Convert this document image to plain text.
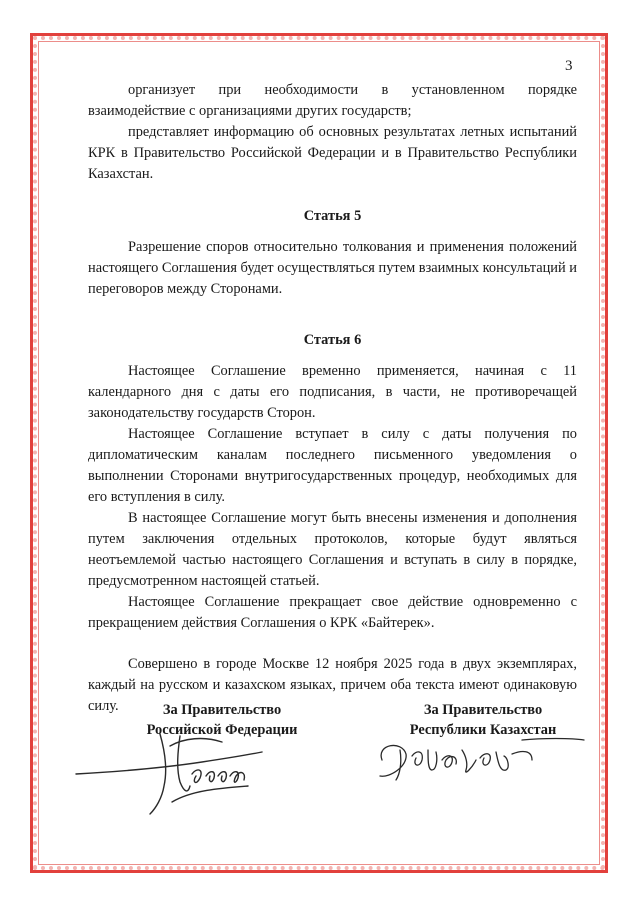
3

организует при необходимости в установленном порядке взаимодействие с организациями других государств;

представляет информацию об основных результатах летных испытаний КРК в Правительство Российской Федерации и в Правительство Республики Казахстан.

Статья 5

Разрешение споров относительно толкования и применения положений настоящего Соглашения будет осуществляться путем взаимных консультаций и переговоров между Сторонами.

Статья 6

Настоящее Соглашение временно применяется, начиная с 11 календарного дня с даты его подписания, в части, не противоречащей законодательству государств Сторон.

Настоящее Соглашение вступает в силу с даты получения по дипломатическим каналам последнего письменного уведомления о выполнении Сторонами внутригосударственных процедур, необходимых для его вступления в силу.

В настоящее Соглашение могут быть внесены изменения и дополнения путем заключения отдельных протоколов, которые будут являться неотъемлемой частью настоящего Соглашения и вступать в силу в порядке, предусмотренном настоящей статьей.

Настоящее Соглашение прекращает свое действие одновременно с прекращением действия Соглашения о КРК «Байтерек».

Совершено в городе Москве 12 ноября 2025 года в двух экземплярах, каждый на русском и казахском языках, причем оба текста имеют одинаковую силу.	За Правительство
Российской Федерации
За Правительство
Республики Казахстан
